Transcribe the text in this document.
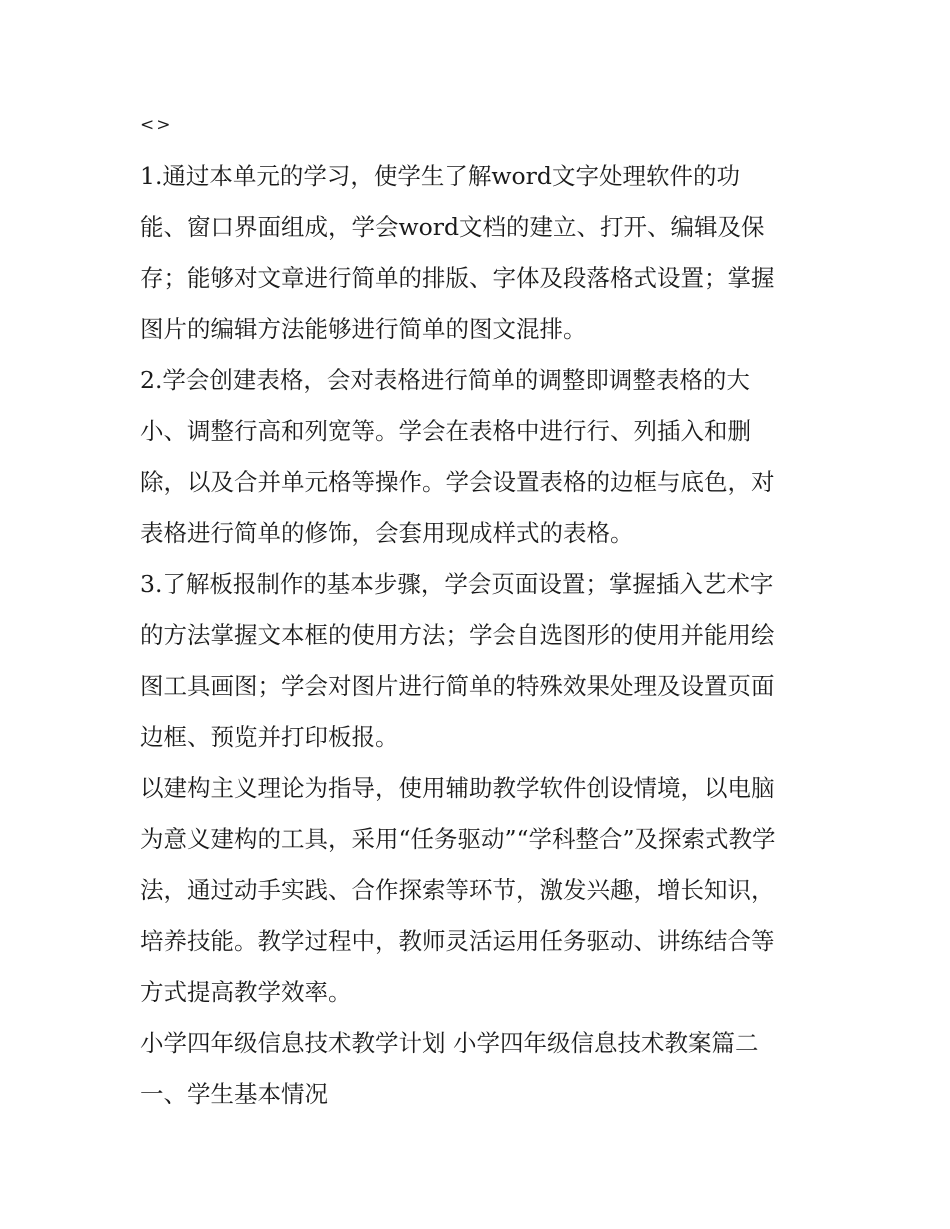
<>
1.通过本单元的学习，使学生了解word文字处理软件的功
能、窗口界面组成，学会word文档的建立、打开、编辑及保
存；能够对文章进行简单的排版、字体及段落格式设置；掌握
图片的编辑方法能够进行简单的图文混排。
2.学会创建表格，会对表格进行简单的调整即调整表格的大
小、调整行高和列宽等。学会在表格中进行行、列插入和删
除，以及合并单元格等操作。学会设置表格的边框与底色，对
表格进行简单的修饰，会套用现成样式的表格。
3.了解板报制作的基本步骤，学会页面设置；掌握插入艺术字
的方法掌握文本框的使用方法；学会自选图形的使用并能用绘
图工具画图；学会对图片进行简单的特殊效果处理及设置页面
边框、预览并打印板报。
以建构主义理论为指导，使用辅助教学软件创设情境，以电脑
为意义建构的工具，采用“任务驱动”“学科整合”及探索式教学
法，通过动手实践、合作探索等环节，激发兴趣，增长知识，
培养技能。教学过程中，教师灵活运用任务驱动、讲练结合等
方式提高教学效率。
小学四年级信息技术教学计划 小学四年级信息技术教案篇二
一、学生基本情况
